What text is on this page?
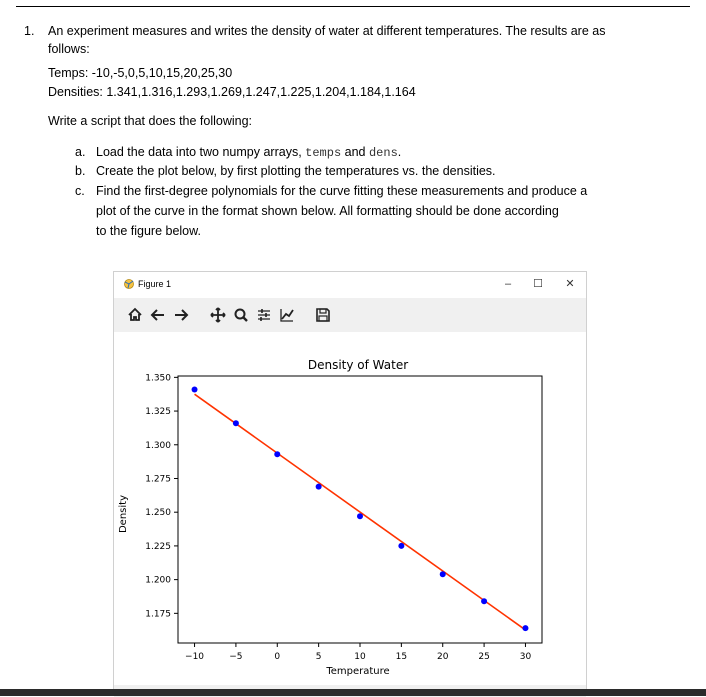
1. An experiment measures and writes the density of water at different temperatures. The results are as
follows:
Temps: -10,-5,0,5,10,15,20,25,30
Densities: 1.341,1.316,1.293,1.269,1.247,1.225,1.204,1.184,1.164
Write a script that does the following:
a. Load the data into two numpy arrays, temps and dens.
b. Create the plot below, by first plotting the temperatures vs. the densities.
c. Find the first-degree polynomials for the curve fitting these measurements and produce a
plot of the curve in the format shown below. All formatting should be done according
to the figure below.
Figure 1	–	☐	✕
Density of Water
Temperature
Density
−10	−5	0	5	10	15	20	25	30
1.175
1.200
1.225
1.250
1.275
1.300
1.325
1.350
